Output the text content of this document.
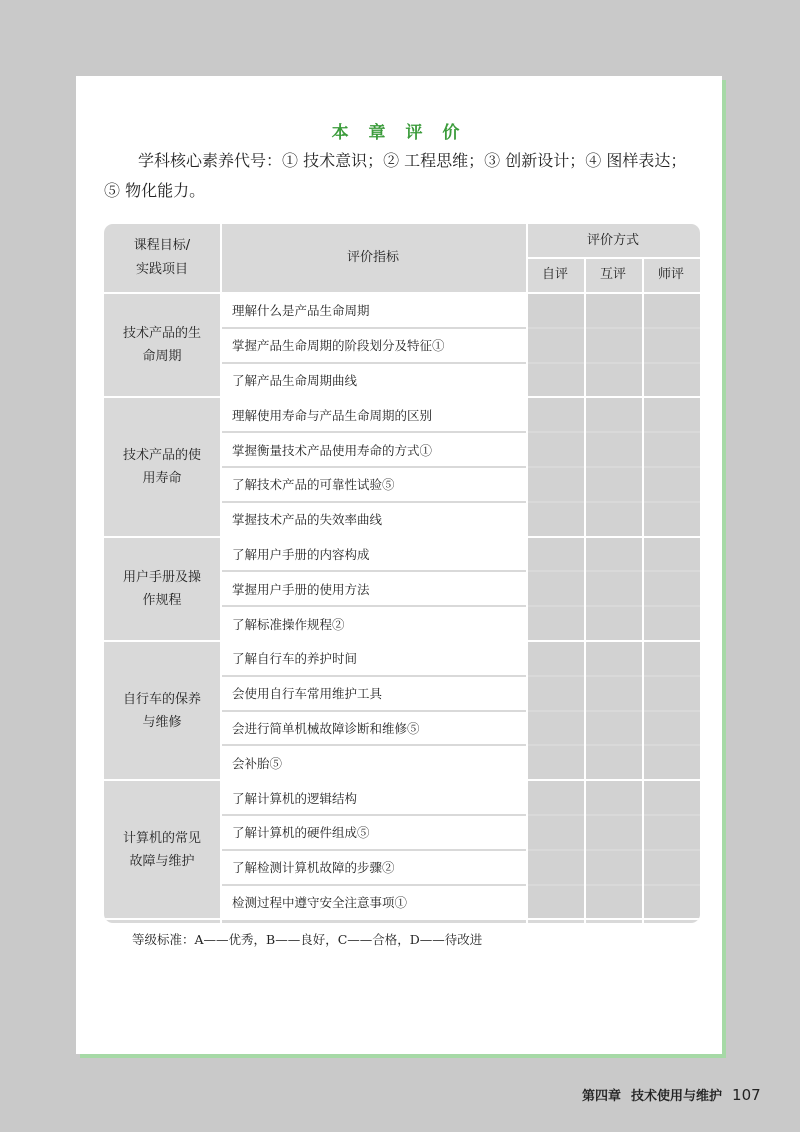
本 章 评 价
学科核心素养代号：① 技术意识；② 工程思维；③ 创新设计；④ 图样表达；
⑤ 物化能力。
课程目标/
实践项目
评价指标
评价方式
自评	互评	师评
理解什么是产品生命周期
掌握产品生命周期的阶段划分及特征①
了解产品生命周期曲线
技术产品的生命周期
理解使用寿命与产品生命周期的区别
掌握衡量技术产品使用寿命的方式①
了解技术产品的可靠性试验⑤
掌握技术产品的失效率曲线
技术产品的使用寿命
了解用户手册的内容构成
掌握用户手册的使用方法
了解标准操作规程②
用户手册及操作规程
了解自行车的养护时间
会使用自行车常用维护工具
会进行简单机械故障诊断和维修⑤
会补胎⑤
自行车的保养与维修
了解计算机的逻辑结构
了解计算机的硬件组成⑤
了解检测计算机故障的步骤②
检测过程中遵守安全注意事项①
计算机的常见故障与维护
等级标准：A——优秀，B——良好，C——合格，D——待改进
第四章 技术使用与维护 107
